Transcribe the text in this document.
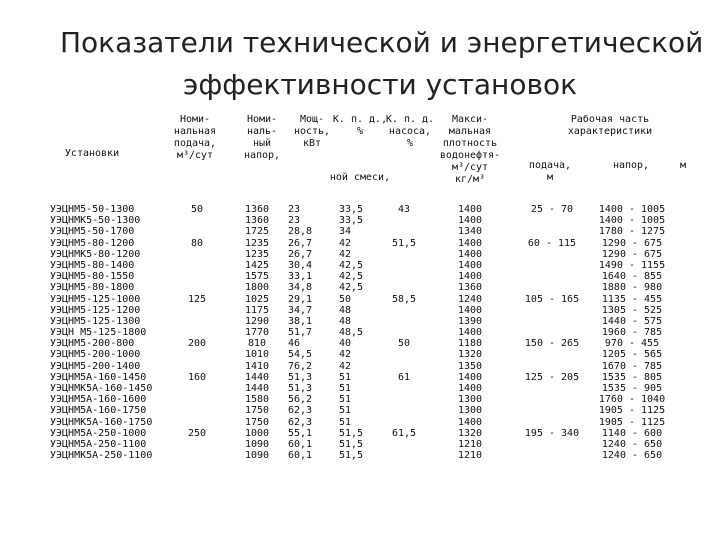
Показатели технической и энергетической
эффективности установок
Установки
Номи-
нальная
подача,
м³/сут
Номи-
наль-
ный
напор,
Мощ-
ность,
кВт
К. п. д.,
%
К. п. д.
насоса,
%
ной смеси,
Макси-
мальная
плотность
водонефтя-
м³/сут
кг/м³
Рабочая часть
характеристики
подача,
м
напор,	м
УЭЦНМ5-50-1300
УЭЦНМК5-50-1300
УЭЦНМ5-50-1700
УЭЦНМ5-80-1200
УЭЦНМК5-80-1200
УЭЦНМ5-80-1400
УЭЦНМ5-80-1550
УЭЦНМ5-80-1800
УЭЦНМ5-125-1000
УЭЦНМ5-125-1200
УЭЦНМ5-125-1300
УЭЦН М5-125-1800
УЭЦНМ5-200-800
УЭЦНМ5-200-1000
УЭЦНМ5-200-1400
УЭЦНМ5А-160-1450
УЭЦНМК5А-160-1450
УЭЦНМ5А-160-1600
УЭЦНМ5А-160-1750
УЭЦНМК5А-160-1750
УЭЦНМ5А-250-1000
УЭЦНМ5А-250-1100
УЭЦНМК5А-250-1100
50
80
125
200
160
250
1360
1360
1725
1235
1235
1425
1575
1800
1025
1175
1290
1770
810
1010
1410
1440
1440
1580
1750
1750
1000
1090
1090
23
23
28,8
26,7
26,7
30,4
33,1
34,8
29,1
34,7
38,1
51,7
46
54,5
76,2
51,3
51,3
56,2
62,3
62,3
55,1
60,1
60,1
33,5
33,5
34
42
42
42,5
42,5
42,5
50
48
48
48,5
40
42
42
51
51
51
51
51
51,5
51,5
51,5
43
51,5
58,5
50
61
61,5
1400
1400
1340
1400
1400
1400
1400
1360
1240
1400
1390
1400
1180
1320
1350
1400
1400
1300
1300
1400
1320
1210
1210
25 - 70
60 - 115
105 - 165
150 - 265
125 - 205
195 - 340
1400 - 1005
1400 - 1005
1780 - 1275
1290 - 675
1290 - 675
1490 - 1155
1640 - 855
1880 - 980
1135 - 455
1305 - 525
1440 - 575
1960 - 785
970 - 455
1205 - 565
1670 - 785
1535 - 805
1535 - 905
1760 - 1040
1905 - 1125
1905 - 1125
1140 - 600
1240 - 650
1240 - 650
